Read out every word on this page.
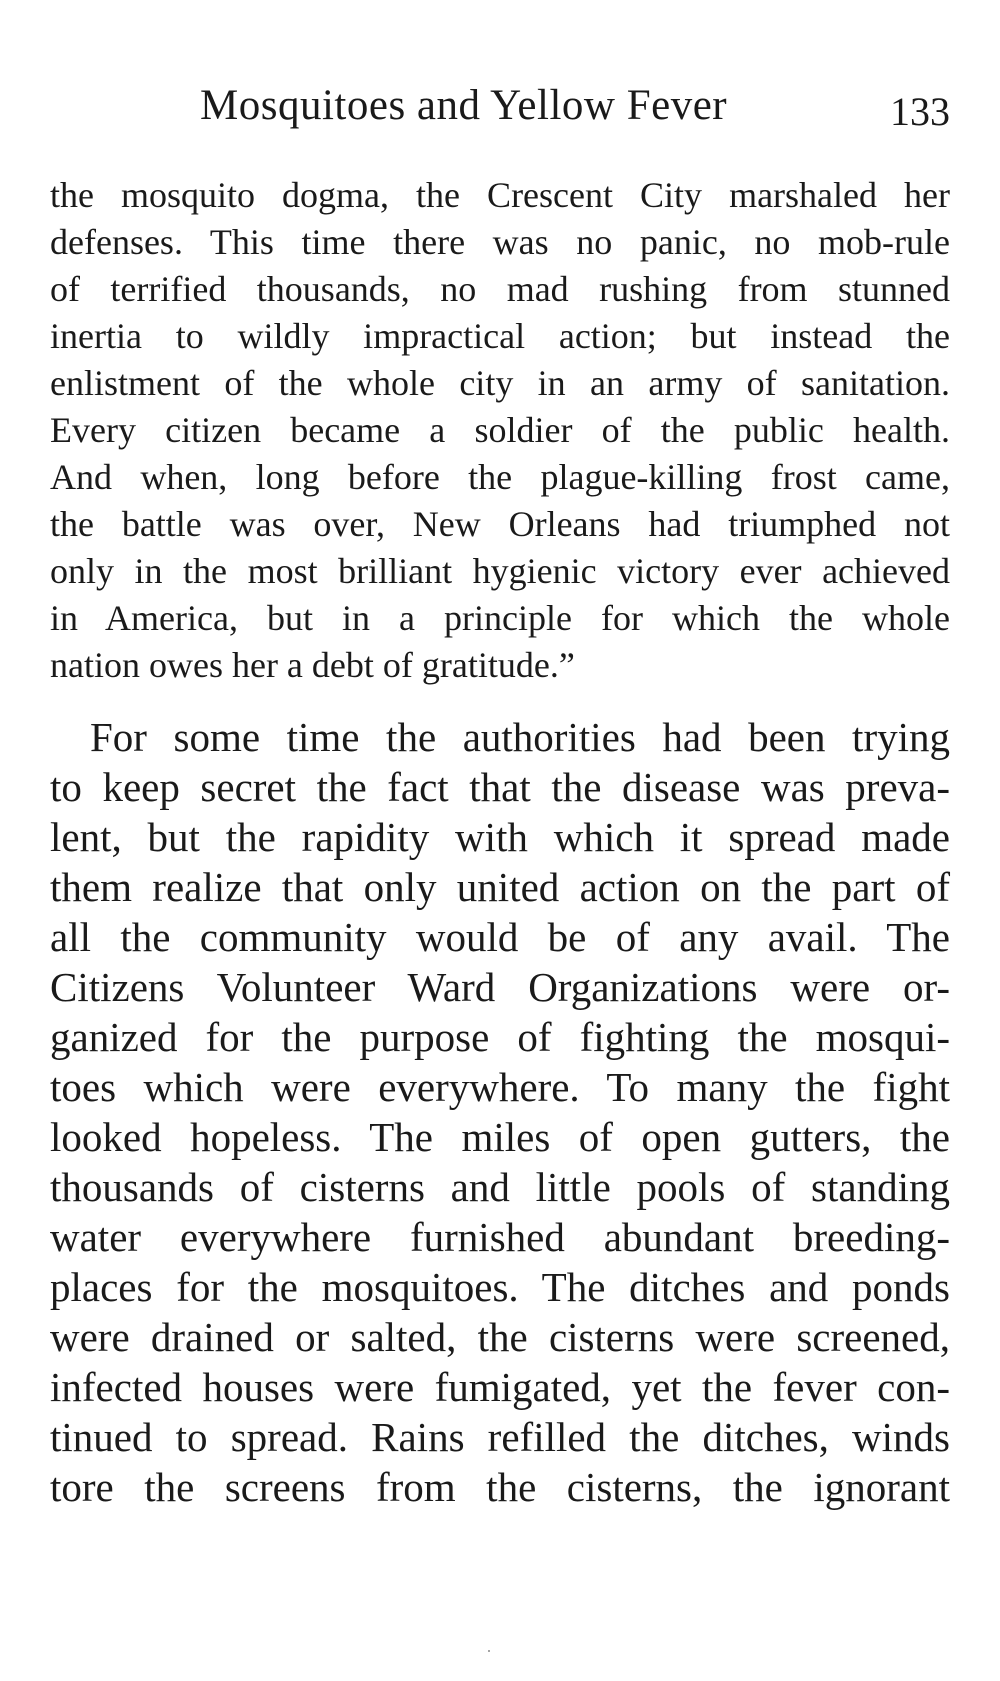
Mosquitoes and Yellow Fever	133
the mosquito dogma, the Crescent City marshaled her
defenses. This time there was no panic, no mob-rule
of terrified thousands, no mad rushing from stunned
inertia to wildly impractical action; but instead the
enlistment of the whole city in an army of sanitation.
Every citizen became a soldier of the public health.
And when, long before the plague-killing frost came,
the battle was over, New Orleans had triumphed not
only in the most brilliant hygienic victory ever achieved
in America, but in a principle for which the whole
nation owes her a debt of gratitude.”
For some time the authorities had been trying
to keep secret the fact that the disease was preva-
lent, but the rapidity with which it spread made
them realize that only united action on the part of
all the community would be of any avail. The
Citizens Volunteer Ward Organizations were or-
ganized for the purpose of fighting the mosqui-
toes which were everywhere. To many the fight
looked hopeless. The miles of open gutters, the
thousands of cisterns and little pools of standing
water everywhere furnished abundant breeding-
places for the mosquitoes. The ditches and ponds
were drained or salted, the cisterns were screened,
infected houses were fumigated, yet the fever con-
tinued to spread. Rains refilled the ditches, winds
tore the screens from the cisterns, the ignorant
